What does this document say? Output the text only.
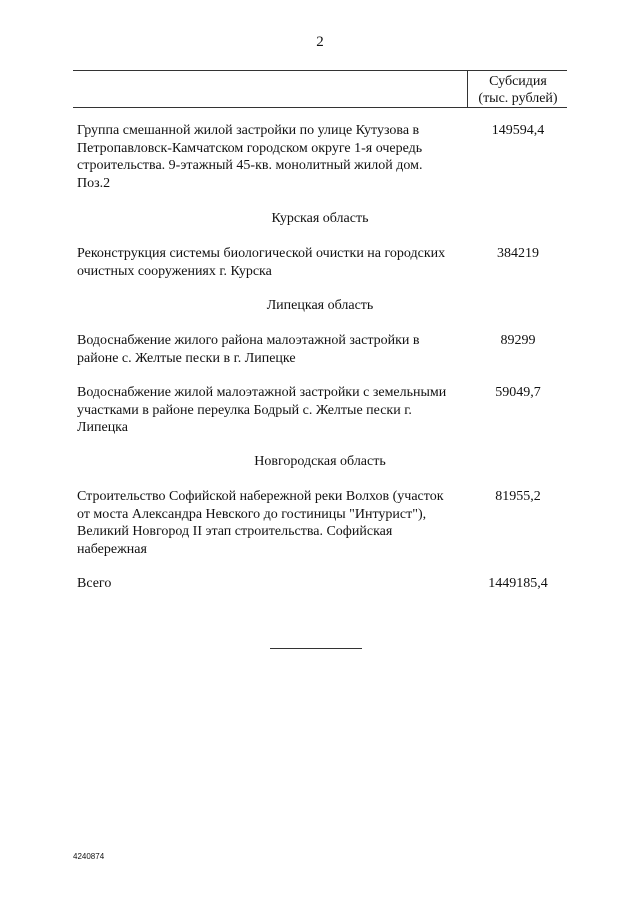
2
Субсидия
(тыс. рублей)
Группа смешанной жилой застройки по улице Кутузова в Петропавловск-Камчатском городском округе 1-я очередь строительства. 9-этажный 45-кв. монолитный жилой дом. Поз.2
149594,4
Курская область
Реконструкция системы биологической очистки на городских очистных сооружениях г. Курска
384219
Липецкая область
Водоснабжение жилого района малоэтажной застройки в районе с. Желтые пески в г. Липецке
89299
Водоснабжение жилой малоэтажной застройки с земельными участками в районе переулка Бодрый с. Желтые пески г. Липецка
59049,7
Новгородская область
Строительство Софийской набережной реки Волхов (участок от моста Александра Невского до гостиницы "Интурист"), Великий Новгород II этап строительства. Софийская набережная
81955,2
Всего	1449185,4
4240874
